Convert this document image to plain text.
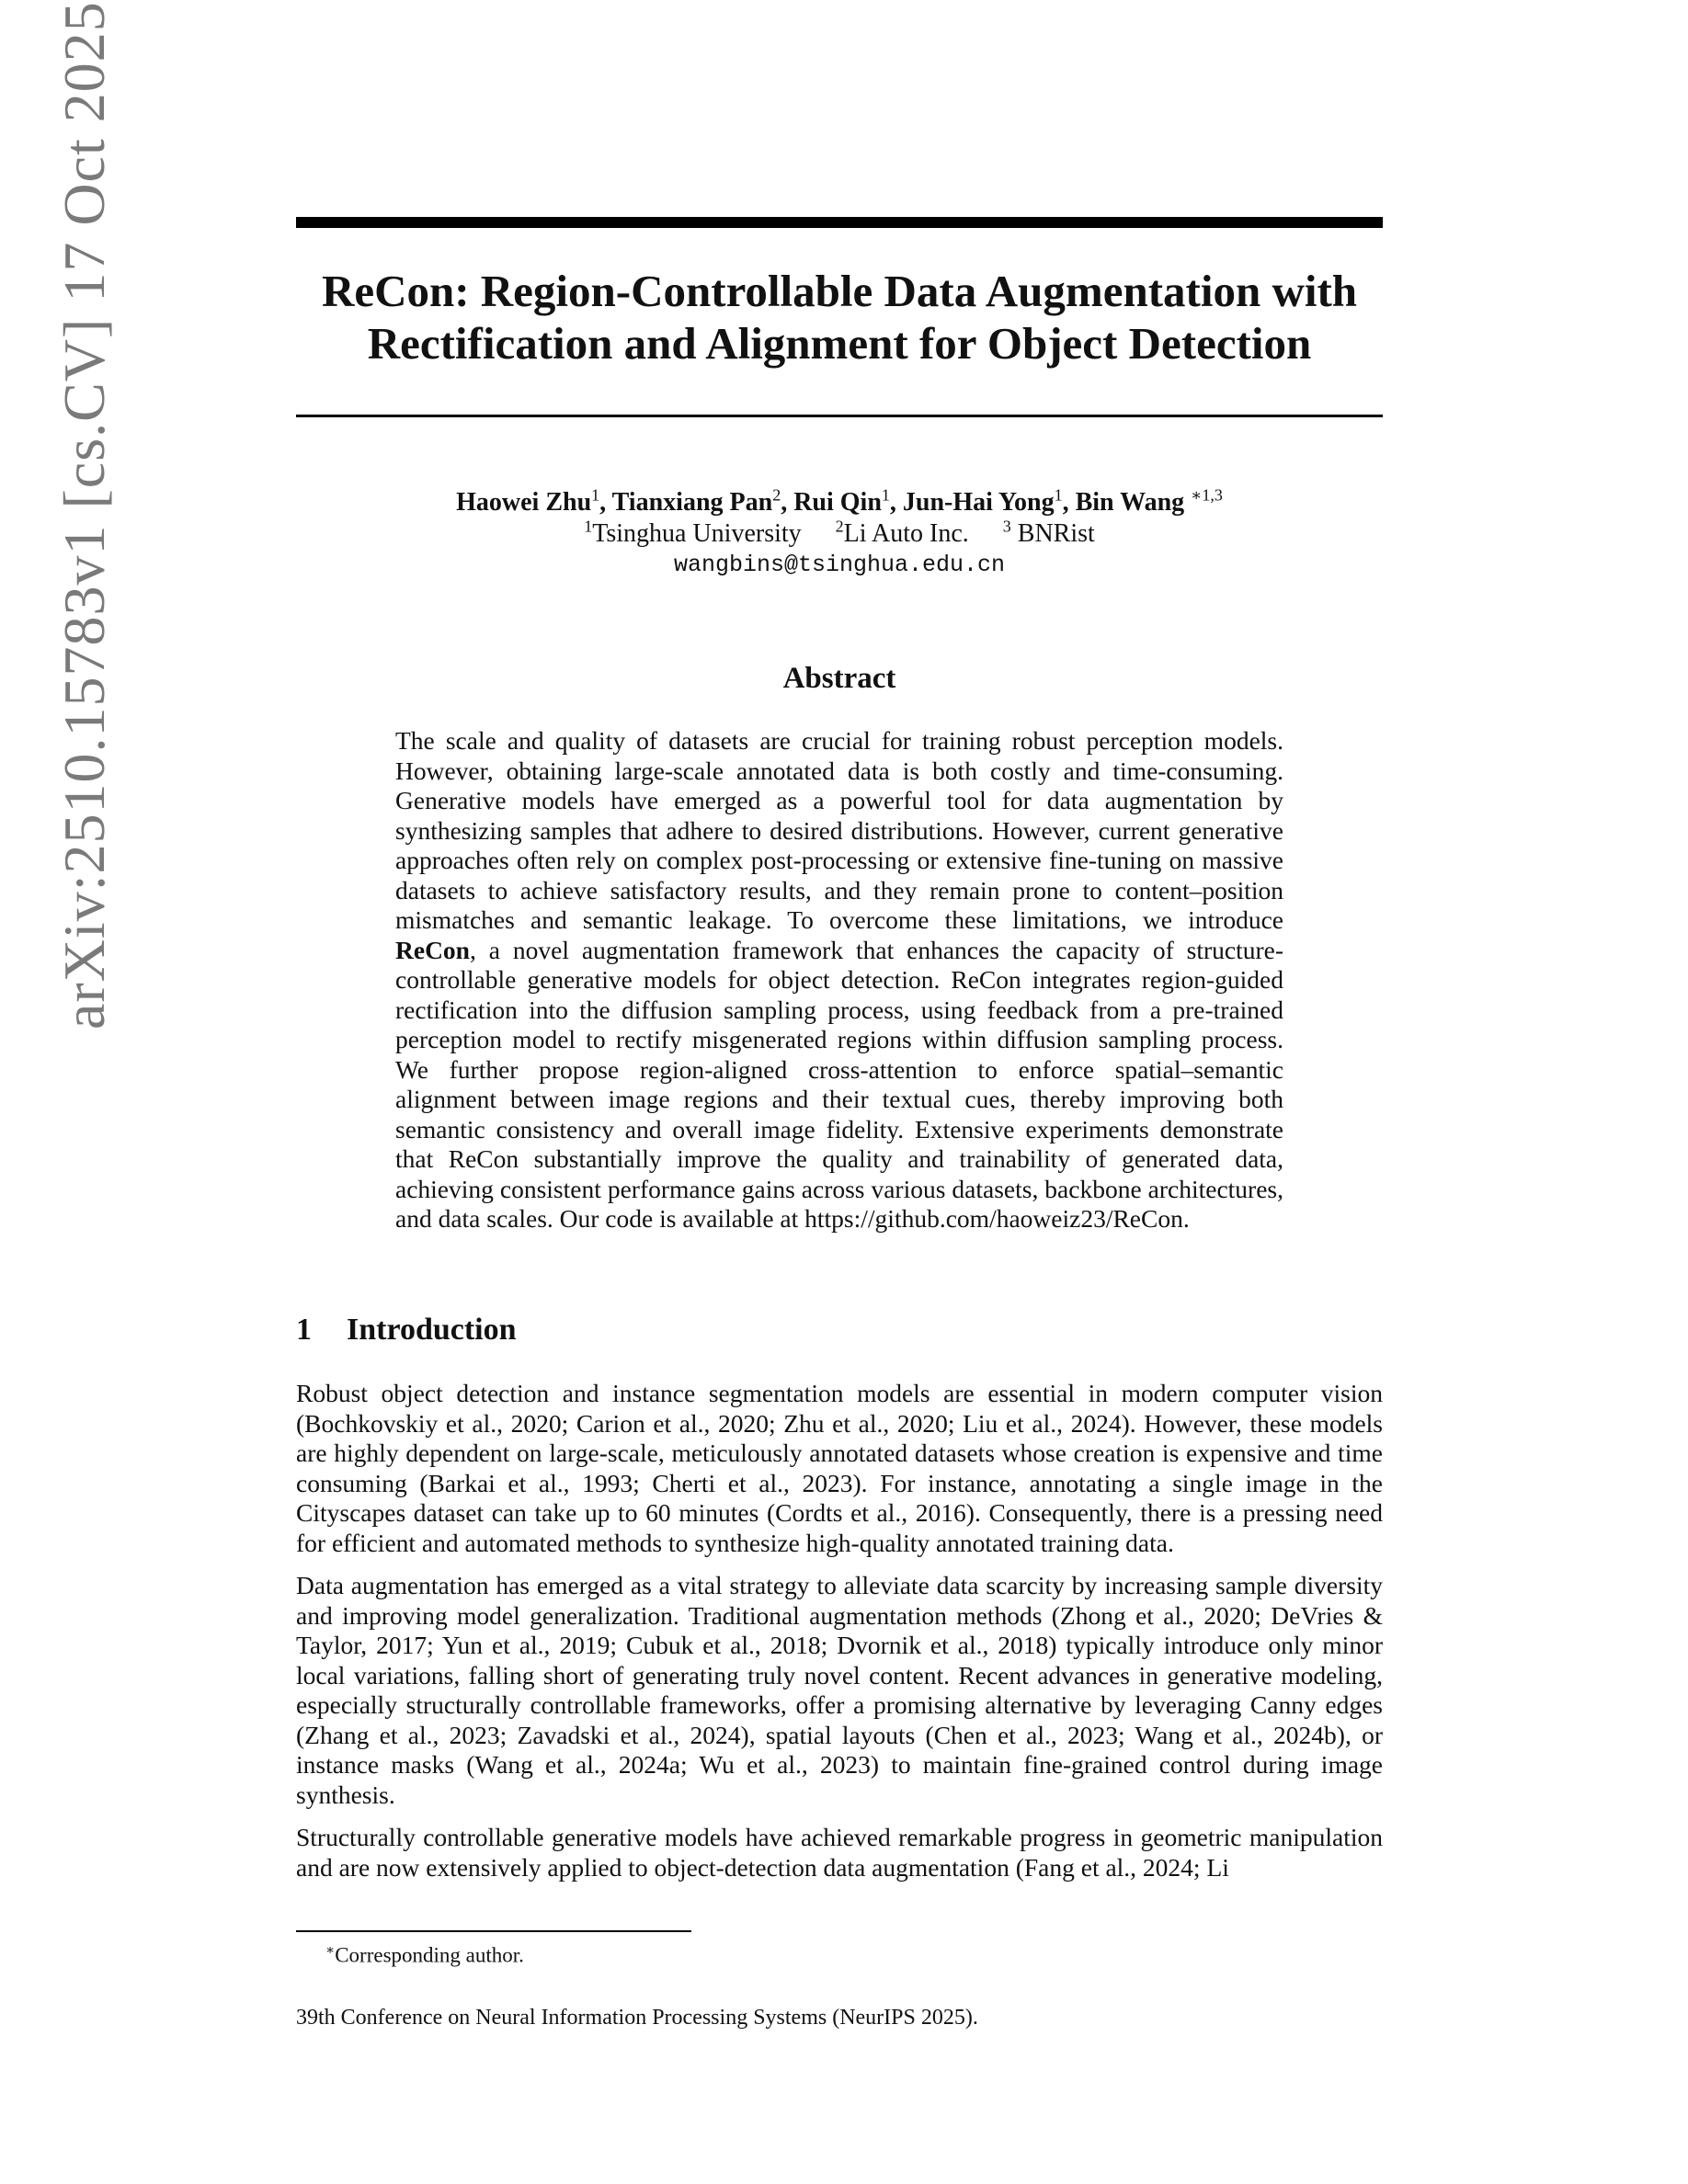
arXiv:2510.15783v1 [cs.CV] 17 Oct 2025	ReCon: Region-Controllable Data Augmentation with
Rectification and Alignment for Object Detection
Haowei Zhu$^1$, Tianxiang Pan$^2$, Rui Qin$^1$, Jun-Hai Yong$^1$, Bin Wang $^{∗1,3}$
$^1$Tsinghua University $^2$Li Auto Inc. $^3$ BNRist
wangbins@tsinghua.edu.cn
Abstract

The scale and quality of datasets are crucial for training robust perception models. However, obtaining large-scale annotated data is both costly and time-consuming. Generative models have emerged as a powerful tool for data augmentation by synthesizing samples that adhere to desired distributions. However, current generative approaches often rely on complex post-processing or extensive fine-tuning on massive datasets to achieve satisfactory results, and they remain prone to content–position mismatches and semantic leakage. To overcome these limitations, we introduce ReCon, a novel augmentation framework that enhances the capacity of structure-controllable generative models for object detection. ReCon integrates region-guided rectification into the diffusion sampling process, using feedback from a pre-trained perception model to rectify misgenerated regions within diffusion sampling process. We further propose region-aligned cross-attention to enforce spatial–semantic alignment between image regions and their textual cues, thereby improving both semantic consistency and overall image fidelity. Extensive experiments demonstrate that ReCon substantially improve the quality and trainability of generated data, achieving consistent performance gains across various datasets, backbone architectures, and data scales. Our code is available at https://github.com/haoweiz23/ReCon.

1 Introduction

Robust object detection and instance segmentation models are essential in modern computer vision (Bochkovskiy et al., 2020; Carion et al., 2020; Zhu et al., 2020; Liu et al., 2024). However, these models are highly dependent on large-scale, meticulously annotated datasets whose creation is expensive and time consuming (Barkai et al., 1993; Cherti et al., 2023). For instance, annotating a single image in the Cityscapes dataset can take up to 60 minutes (Cordts et al., 2016). Consequently, there is a pressing need for efficient and automated methods to synthesize high-quality annotated training data.

Data augmentation has emerged as a vital strategy to alleviate data scarcity by increasing sample diversity and improving model generalization. Traditional augmentation methods (Zhong et al., 2020; DeVries & Taylor, 2017; Yun et al., 2019; Cubuk et al., 2018; Dvornik et al., 2018) typically introduce only minor local variations, falling short of generating truly novel content. Recent advances in generative modeling, especially structurally controllable frameworks, offer a promising alternative by leveraging Canny edges (Zhang et al., 2023; Zavadski et al., 2024), spatial layouts (Chen et al., 2023; Wang et al., 2024b), or instance masks (Wang et al., 2024a; Wu et al., 2023) to maintain fine-grained control during image synthesis.

Structurally controllable generative models have achieved remarkable progress in geometric manipulation and are now extensively applied to object-detection data augmentation (Fang et al., 2024; Li

∗Corresponding author.
39th Conference on Neural Information Processing Systems (NeurIPS 2025).
